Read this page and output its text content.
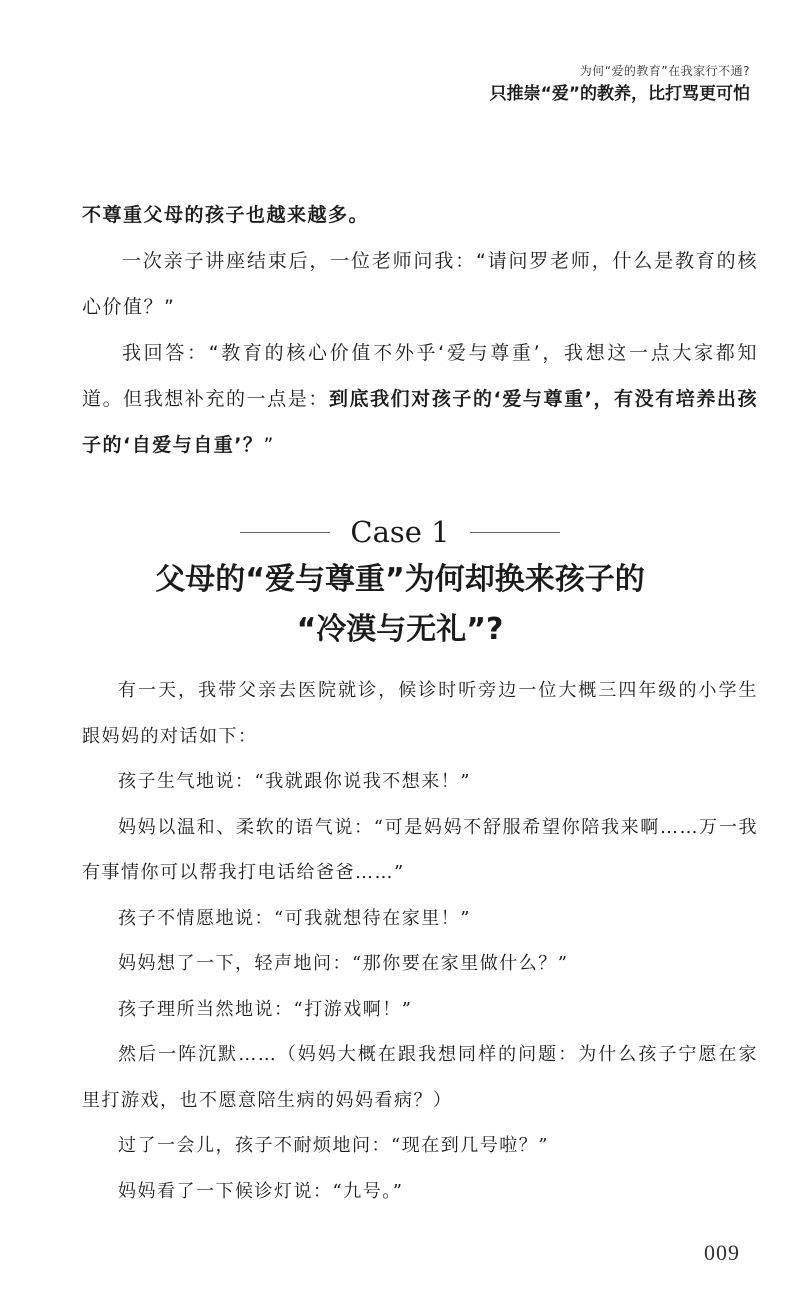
为何“爱的教育”在我家行不通?
只推崇“爱”的教养，比打骂更可怕

不尊重父母的孩子也越来越多。

一次亲子讲座结束后，一位老师问我：“请问罗老师，什么是教育的核心价值？”

我回答：“教育的核心价值不外乎‘爱与尊重’，我想这一点大家都知道。但我想补充的一点是：到底我们对孩子的‘爱与尊重’，有没有培养出孩子的‘自爱与自重’？”

Case 1
父母的“爱与尊重”为何却换来孩子的
“冷漠与无礼”?

有一天，我带父亲去医院就诊，候诊时听旁边一位大概三四年级的小学生跟妈妈的对话如下：

孩子生气地说：“我就跟你说我不想来！”

妈妈以温和、柔软的语气说：“可是妈妈不舒服希望你陪我来啊……万一我有事情你可以帮我打电话给爸爸……”

孩子不情愿地说：“可我就想待在家里！”

妈妈想了一下，轻声地问：“那你要在家里做什么？”

孩子理所当然地说：“打游戏啊！”

然后一阵沉默……（妈妈大概在跟我想同样的问题：为什么孩子宁愿在家里打游戏，也不愿意陪生病的妈妈看病？）

过了一会儿，孩子不耐烦地问：“现在到几号啦？”

妈妈看了一下候诊灯说：“九号。”

009
